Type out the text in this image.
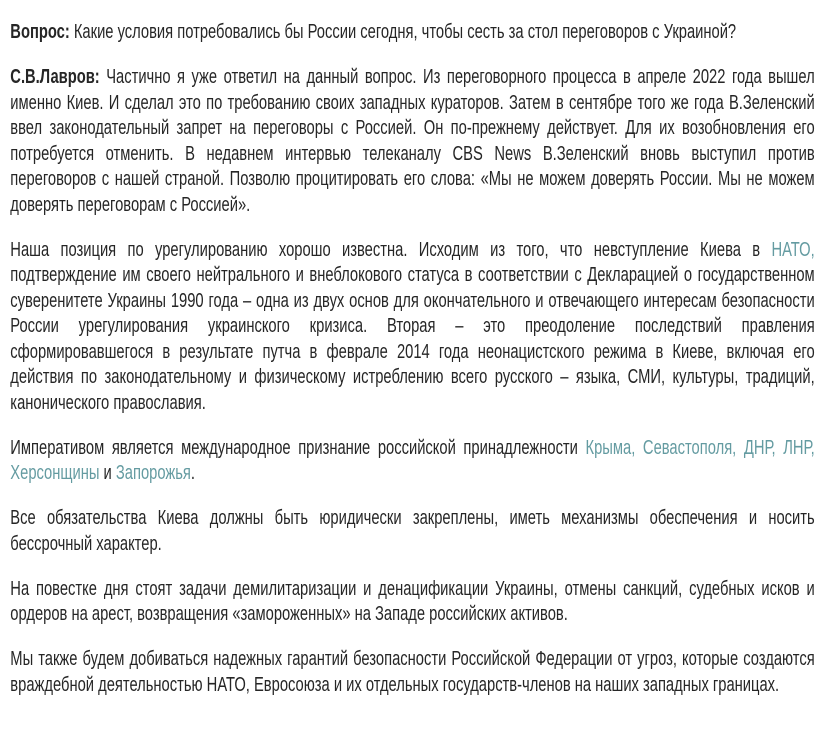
Вопрос: Какие условия потребовались бы России сегодня, чтобы сесть за стол переговоров с Украиной?

С.В.Лавров: Частично я уже ответил на данный вопрос. Из переговорного процесса в апреле 2022 года вышел именно Киев. И сделал это по требованию своих западных кураторов. Затем в сентябре того же года В.Зеленский ввел законодательный запрет на переговоры с Россией. Он по-прежнему действует. Для их возобновления его потребуется отменить. В недавнем интервью телеканалу CBS News В.Зеленский вновь выступил против переговоров с нашей страной. Позволю процитировать его слова: «Мы не можем доверять России. Мы не можем доверять переговорам с Россией».

Наша позиция по урегулированию хорошо известна. Исходим из того, что невступление Киева в НАТО, подтверждение им своего нейтрального и внеблокового статуса в соответствии с Декларацией о государственном суверенитете Украины 1990 года – одна из двух основ для окончательного и отвечающего интересам безопасности России урегулирования украинского кризиса. Вторая – это преодоление последствий правления сформировавшегося в результате путча в феврале 2014 года неонацистского режима в Киеве, включая его действия по законодательному и физическому истреблению всего русского – языка, СМИ, культуры, традиций, канонического православия.

Императивом является международное признание российской принадлежности Крыма, Севастополя, ДНР, ЛНР, Херсонщины и Запорожья.

Все обязательства Киева должны быть юридически закреплены, иметь механизмы обеспечения и носить бессрочный характер.

На повестке дня стоят задачи демилитаризации и денацификации Украины, отмены санкций, судебных исков и ордеров на арест, возвращения «замороженных» на Западе российских активов.

Мы также будем добиваться надежных гарантий безопасности Российской Федерации от угроз, которые создаются враждебной деятельностью НАТО, Евросоюза и их отдельных государств-членов на наших западных границах.
